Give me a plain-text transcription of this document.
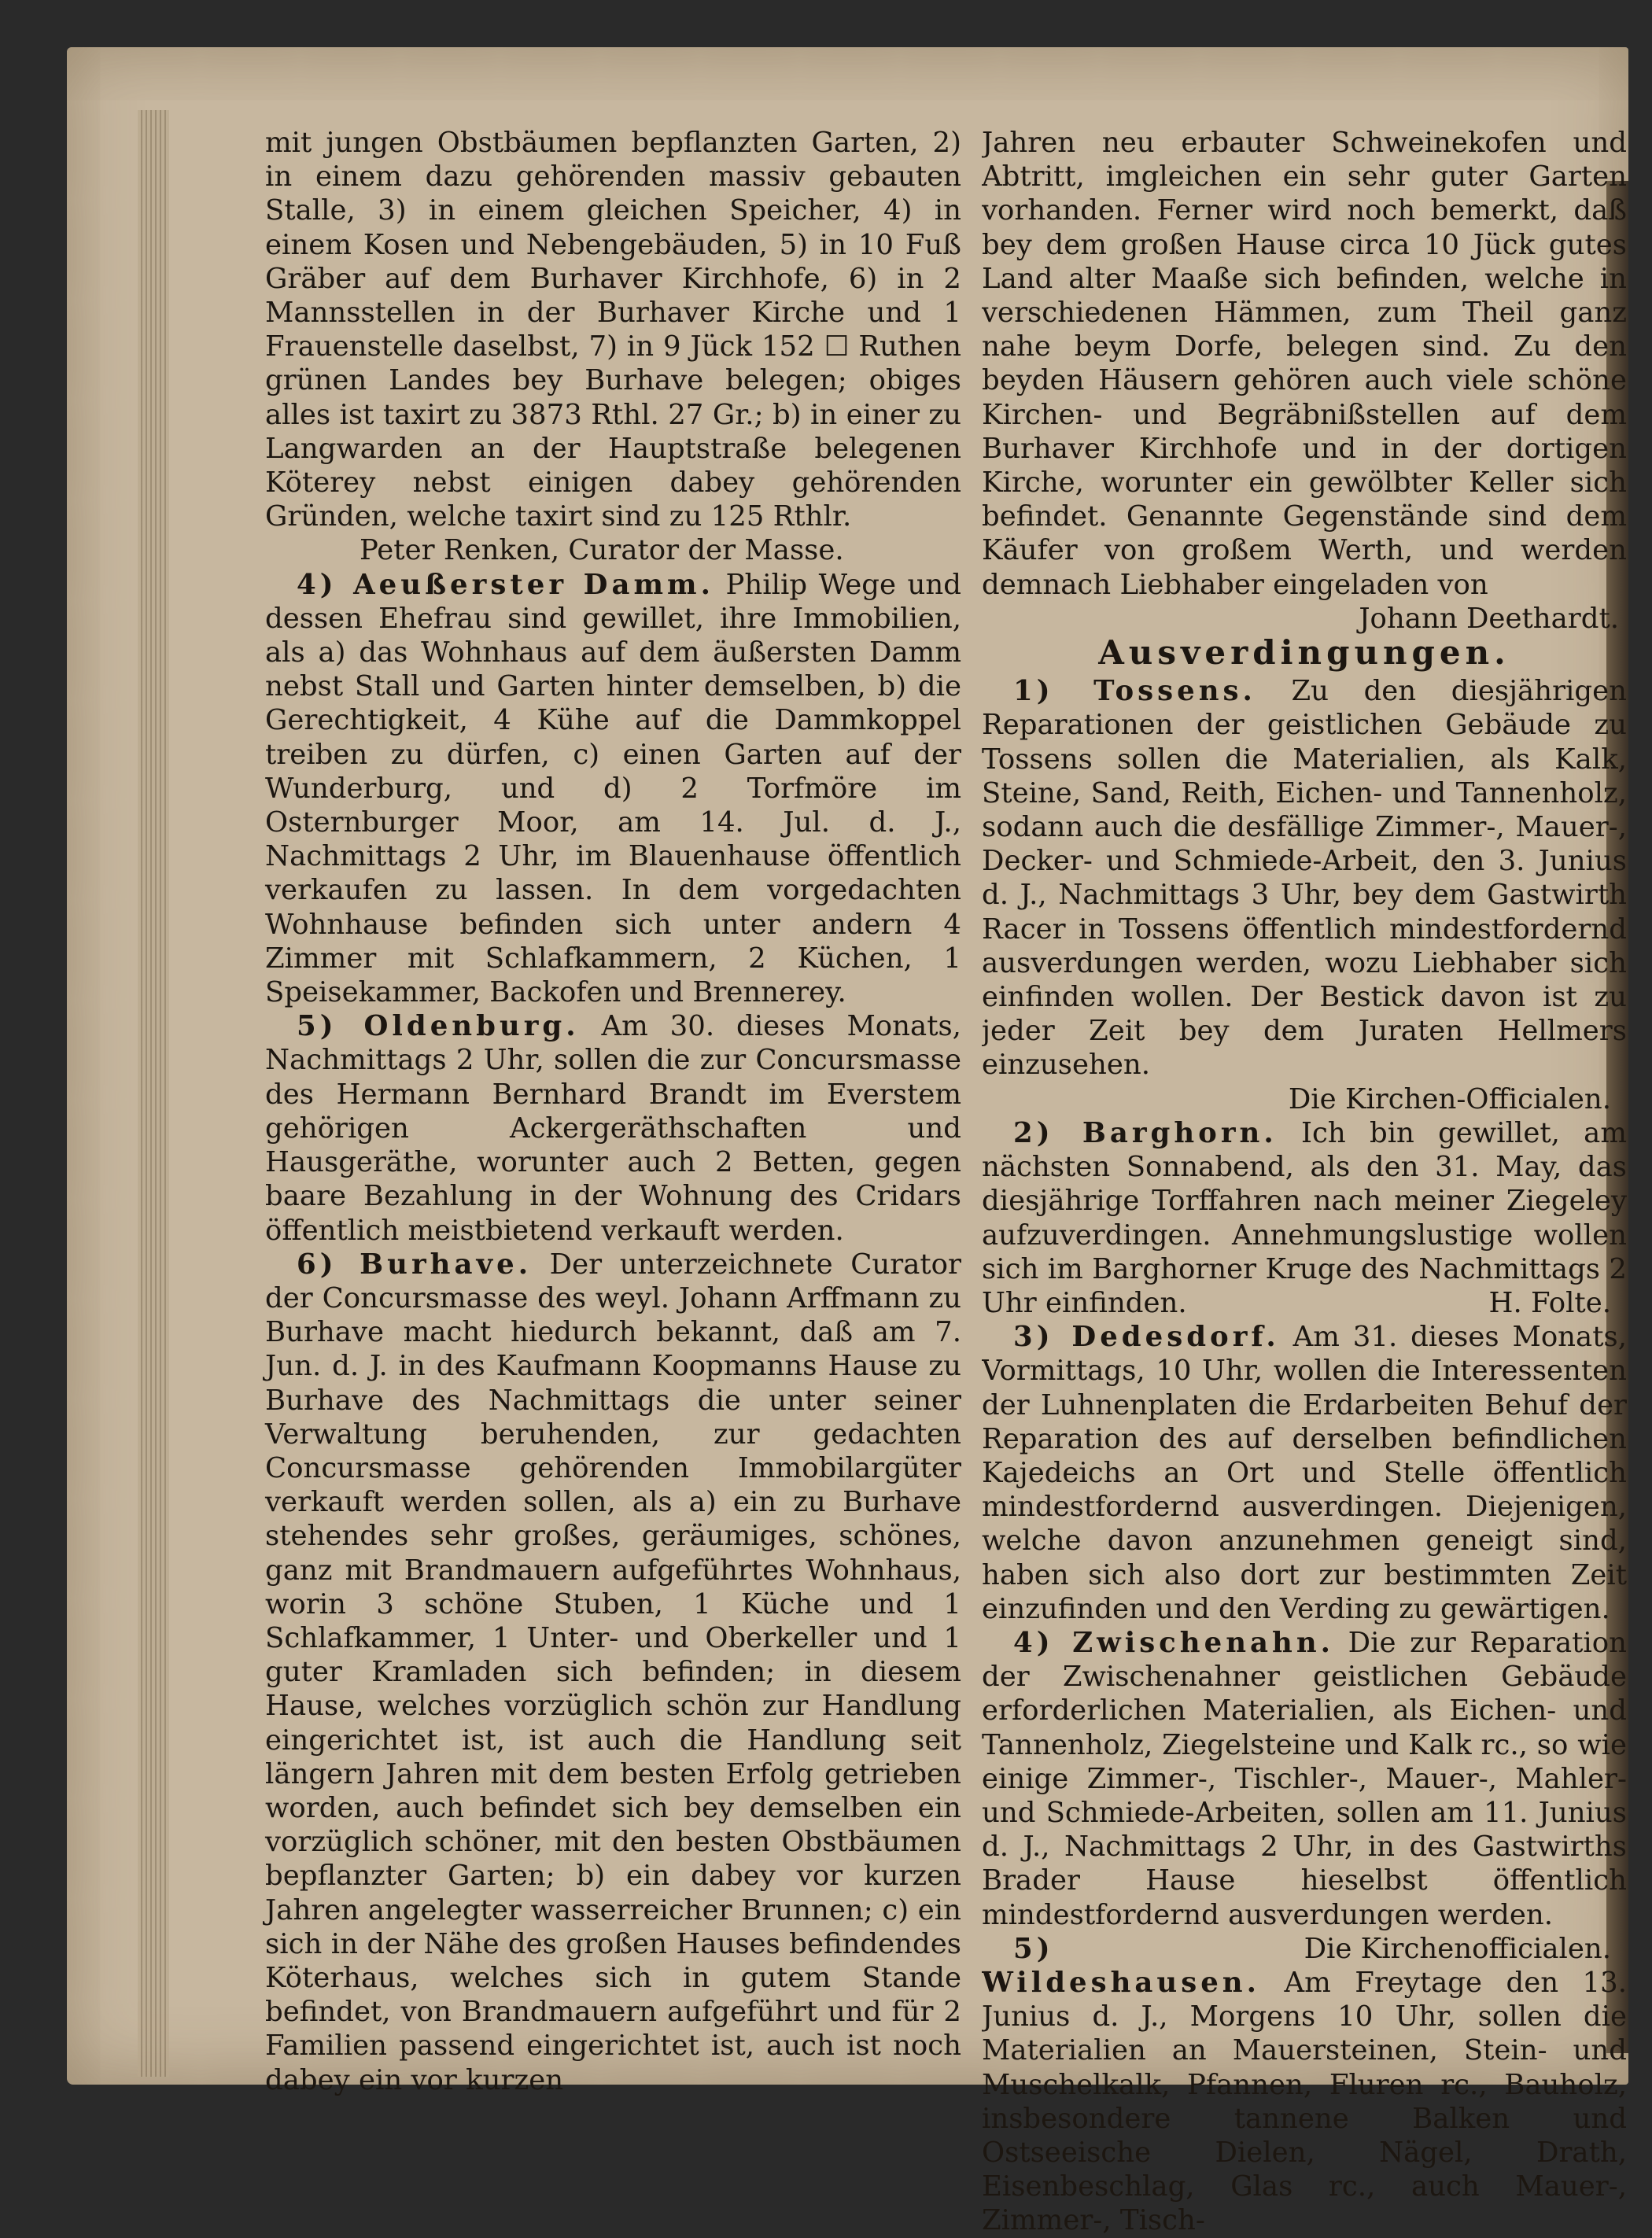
mit jungen Obstbäumen bepflanzten Garten, 2) in einem dazu gehörenden massiv gebauten Stalle, 3) in einem gleichen Speicher, 4) in einem Kosen und Nebengebäuden, 5) in 10 Fuß Gräber auf dem Burhaver Kirchhofe, 6) in 2 Mannsstellen in der Burhaver Kirche und 1 Frauenstelle daselbst, 7) in 9 Jück 152 ☐ Ruthen grünen Landes bey Burhave belegen; obiges alles ist taxirt zu 3873 Rthl. 27 Gr.; b) in einer zu Langwarden an der Hauptstraße belegenen Köterey nebst einigen dabey gehörenden Gründen, welche taxirt sind zu 125 Rthlr.

Peter Renken, Curator der Masse.

4) Aeußerster Damm. Philip Wege und dessen Ehefrau sind gewillet, ihre Immobilien, als a) das Wohnhaus auf dem äußersten Damm nebst Stall und Garten hinter demselben, b) die Gerechtigkeit, 4 Kühe auf die Dammkoppel treiben zu dürfen, c) einen Garten auf der Wunderburg, und d) 2 Torfmöre im Osternburger Moor, am 14. Jul. d. J., Nachmittags 2 Uhr, im Blauenhause öffentlich verkaufen zu lassen. In dem vorgedachten Wohnhause befinden sich unter andern 4 Zimmer mit Schlafkammern, 2 Küchen, 1 Speisekammer, Backofen und Brennerey.

5) Oldenburg. Am 30. dieses Monats, Nachmittags 2 Uhr, sollen die zur Concursmasse des Hermann Bernhard Brandt im Everstem gehörigen Ackergeräthschaften und Hausgeräthe, worunter auch 2 Betten, gegen baare Bezahlung in der Wohnung des Cridars öffentlich meistbietend verkauft werden.

6) Burhave. Der unterzeichnete Curator der Concursmasse des weyl. Johann Arffmann zu Burhave macht hiedurch bekannt, daß am 7. Jun. d. J. in des Kaufmann Koopmanns Hause zu Burhave des Nachmittags die unter seiner Verwaltung beruhenden, zur gedachten Concursmasse gehörenden Immobilargüter verkauft werden sollen, als a) ein zu Burhave stehendes sehr großes, geräumiges, schönes, ganz mit Brandmauern aufgeführtes Wohnhaus, worin 3 schöne Stuben, 1 Küche und 1 Schlafkammer, 1 Unter- und Oberkeller und 1 guter Kramladen sich befinden; in diesem Hause, welches vorzüglich schön zur Handlung eingerichtet ist, ist auch die Handlung seit längern Jahren mit dem besten Erfolg getrieben worden, auch befindet sich bey demselben ein vorzüglich schöner, mit den besten Obstbäumen bepflanzter Garten; b) ein dabey vor kurzen Jahren angelegter wasserreicher Brunnen; c) ein sich in der Nähe des großen Hauses befindendes Köterhaus, welches sich in gutem Stande befindet, von Brandmauern aufgeführt und für 2 Familien passend eingerichtet ist, auch ist noch dabey ein vor kurzen

Jahren neu erbauter Schweinekofen und Abtritt, imgleichen ein sehr guter Garten vorhanden. Ferner wird noch bemerkt, daß bey dem großen Hause circa 10 Jück gutes Land alter Maaße sich befinden, welche in verschiedenen Hämmen, zum Theil ganz nahe beym Dorfe, belegen sind. Zu den beyden Häusern gehören auch viele schöne Kirchen- und Begräbnißstellen auf dem Burhaver Kirchhofe und in der dortigen Kirche, worunter ein gewölbter Keller sich befindet. Genannte Gegenstände sind dem Käufer von großem Werth, und werden demnach Liebhaber eingeladen von
Johann Deethardt.

Ausverdingungen.

1) Tossens. Zu den diesjährigen Reparationen der geistlichen Gebäude zu Tossens sollen die Materialien, als Kalk, Steine, Sand, Reith, Eichen- und Tannenholz, sodann auch die desfällige Zimmer-, Mauer-, Decker- und Schmiede-Arbeit, den 3. Junius d. J., Nachmittags 3 Uhr, bey dem Gastwirth Racer in Tossens öffentlich mindestfordernd ausverdungen werden, wozu Liebhaber sich einfinden wollen. Der Bestick davon ist zu jeder Zeit bey dem Juraten Hellmers einzusehen.

Die Kirchen-Officialen.

2) Barghorn. Ich bin gewillet, am nächsten Sonnabend, als den 31. May, das diesjährige Torffahren nach meiner Ziegeley aufzuverdingen. Annehmungslustige wollen sich im Barghorner Kruge des Nachmittags 2 Uhr einfinden.	H. Folte.

3) Dedesdorf. Am 31. dieses Monats, Vormittags, 10 Uhr, wollen die Interessenten der Luhnenplaten die Erdarbeiten Behuf der Reparation des auf derselben befindlichen Kajedeichs an Ort und Stelle öffentlich mindestfordernd ausverdingen. Diejenigen, welche davon anzunehmen geneigt sind, haben sich also dort zur bestimmten Zeit einzufinden und den Verding zu gewärtigen.

4) Zwischenahn. Die zur Reparation der Zwischenahner geistlichen Gebäude erforderlichen Materialien, als Eichen- und Tannenholz, Ziegelsteine und Kalk rc., so wie einige Zimmer-, Tischler-, Mauer-, Mahler- und Schmiede-Arbeiten, sollen am 11. Junius d. J., Nachmittags 2 Uhr, in des Gastwirths Brader Hause hieselbst öffentlich mindestfordernd ausverdungen werden.
Die Kirchenofficialen.

5) Wildeshausen. Am Freytage den 13. Junius d. J., Morgens 10 Uhr, sollen die Materialien an Mauersteinen, Stein- und Muschelkalk, Pfannen, Fluren rc., Bauholz, insbesondere tannene Balken und Ostseeische Dielen, Nägel, Drath, Eisenbeschlag, Glas rc., auch Mauer-, Zimmer-, Tisch-
